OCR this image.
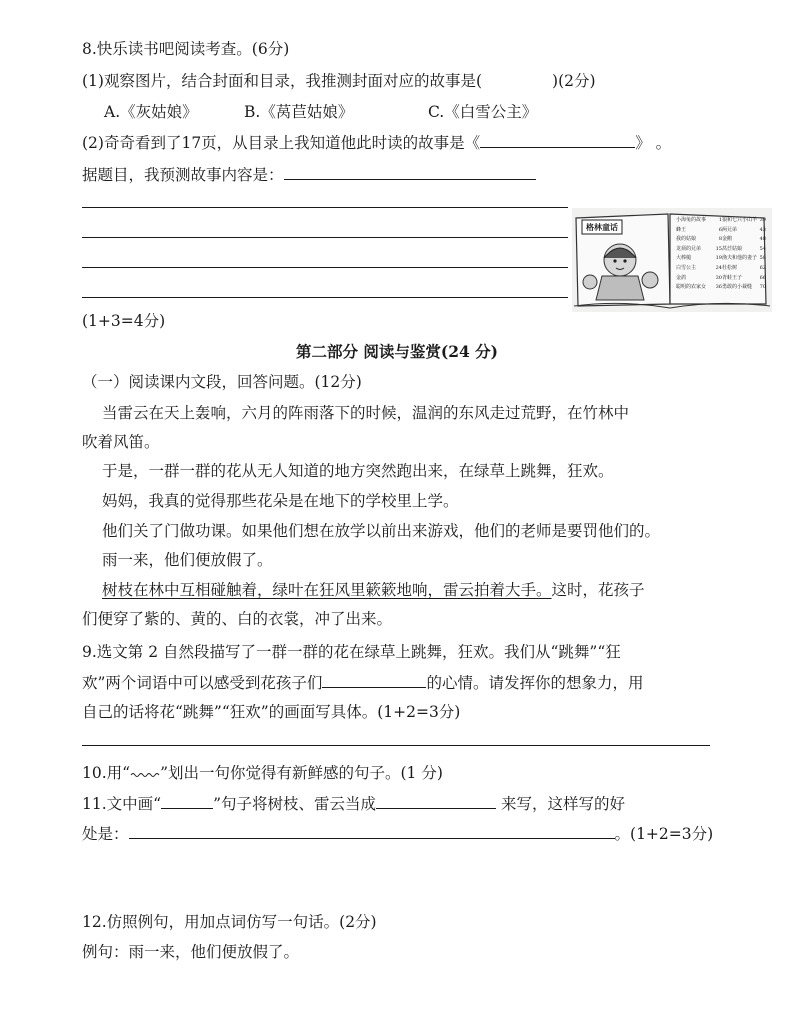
8.快乐读书吧阅读考查。(6分)
(1)观察图片，结合封面和目录，我推测封面对应的故事是(	)(2分)
A.《灰姑娘》	B.《莴苣姑娘》	C.《白雪公主》
(2)奇奇看到了17页，从目录上我知道他此时读的故事是《	》 。
据题目，我预测故事内容是：
格林童话
小海兔的故事	1
蜂王	6
我的姑娘	8
龙须的兄弟	15
大棒槌	19
白雪公主	24
金鸽	30
聪明的农家女 36
狼和七只小山羊 39
两兄弟	43
金鹅	48
莴苣姑娘	54
渔夫和他的妻子 58
杜松树	62
青蛙王子	66
勇敢的小裁缝 70
(1+3=4分)
第二部分 阅读与鉴赏(24 分)
（一）阅读课内文段，回答问题。(12分)
当雷云在天上轰响，六月的阵雨落下的时候，温润的东风走过荒野，在竹林中
吹着风笛。
于是，一群一群的花从无人知道的地方突然跑出来，在绿草上跳舞，狂欢。
妈妈，我真的觉得那些花朵是在地下的学校里上学。
他们关了门做功课。如果他们想在放学以前出来游戏，他们的老师是要罚他们的。
雨一来，他们便放假了。
树枝在林中互相碰触着，绿叶在狂风里簌簌地响，雷云拍着大手。这时，花孩子
们便穿了紫的、黄的、白的衣裳，冲了出来。
9.选文第 2 自然段描写了一群一群的花在绿草上跳舞，狂欢。我们从“跳舞”“狂
欢”两个词语中可以感受到花孩子们	的心情。请发挥你的想象力，用
自己的话将花“跳舞”“狂欢”的画面写具体。(1+2=3分)
10.用“ ”划出一句你觉得有新鲜感的句子。(1 分)
11.文中画“	”句子将树枝、雷云当成	来写，这样写的好
处是：	。(1+2=3分)
12.仿照例句，用加点词仿写一句话。(2分)
例句：雨一来，他们便放假了。
